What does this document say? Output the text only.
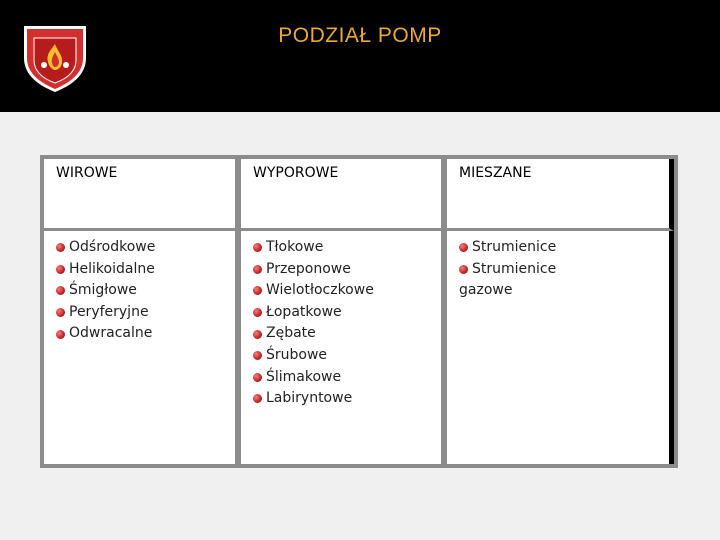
PODZIAŁ POMP
WIROWE	WYPOROWE	MIESZANE
Odśrodkowe
Helikoidalne
Śmigłowe
Peryferyjne
Odwracalne
Tłokowe
Przeponowe
Wielotłoczkowe
Łopatkowe
Zębate
Śrubowe
Ślimakowe
Labiryntowe
Strumienice
Strumienice
gazowe
